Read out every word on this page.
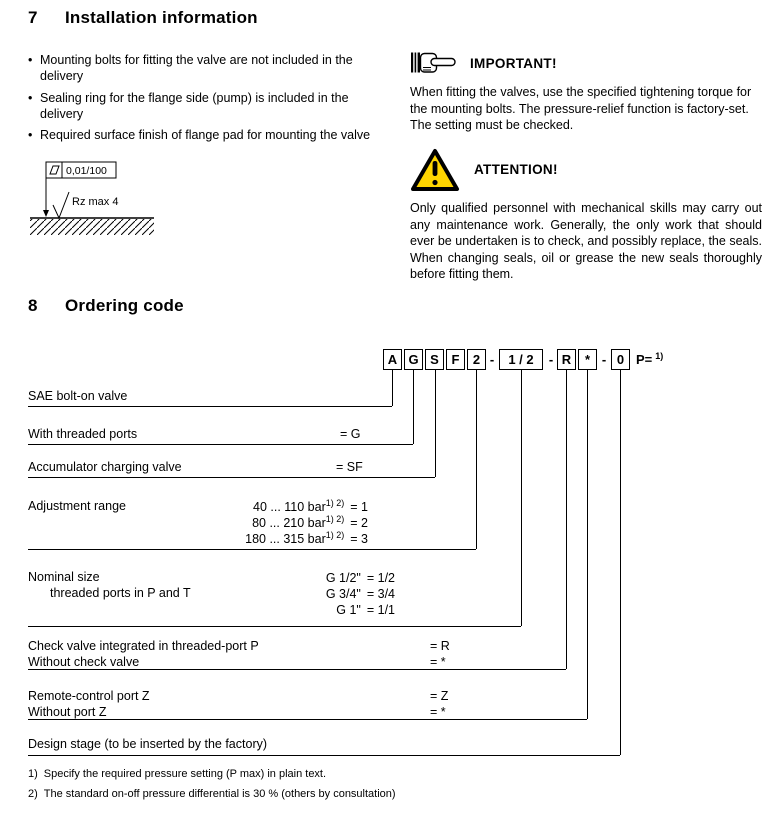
7	Installation information
• Mounting bolts for fitting the valve are not included in the delivery
• Sealing ring for the flange side (pump) is included in the delivery
• Required surface finish of flange pad for mounting the valve
0,01/100
Rz max 4
IMPORTANT!

When fitting the valves, use the specified tightening torque for the mounting bolts. The pressure-relief function is factory-set. The setting must be checked.

ATTENTION!

Only qualified personnel with mechanical skills may carry out any maintenance work. Generally, the only work that should ever be undertaken is to check, and possibly replace, the seals. When changing seals, oil or grease the new seals thoroughly before fitting them.

8	Ordering code
A G S F	2 -	1 / 2	- R	* - 0 P= $^{1)}$
SAE bolt-on valve
With threaded ports	= G
Accumulator charging valve	= SF
Adjustment range	40 ... 110 bar$^{1) 2)}$ = 1
80 ... 210 bar$^{1) 2)}$ = 2
180 ... 315 bar$^{1) 2)}$ = 3
Nominal size
threaded ports in P and T
G 1/2" = 1/2
G 3/4" = 3/4
G 1" = 1/1
Check valve integrated in threaded-port P	= R
Without check valve	= *
Remote-control port Z	= Z
Without port Z	= *
Design stage (to be inserted by the factory)
1) Specify the required pressure setting (P max) in plain text.
2) The standard on-off pressure differential is 30 % (others by consultation)
